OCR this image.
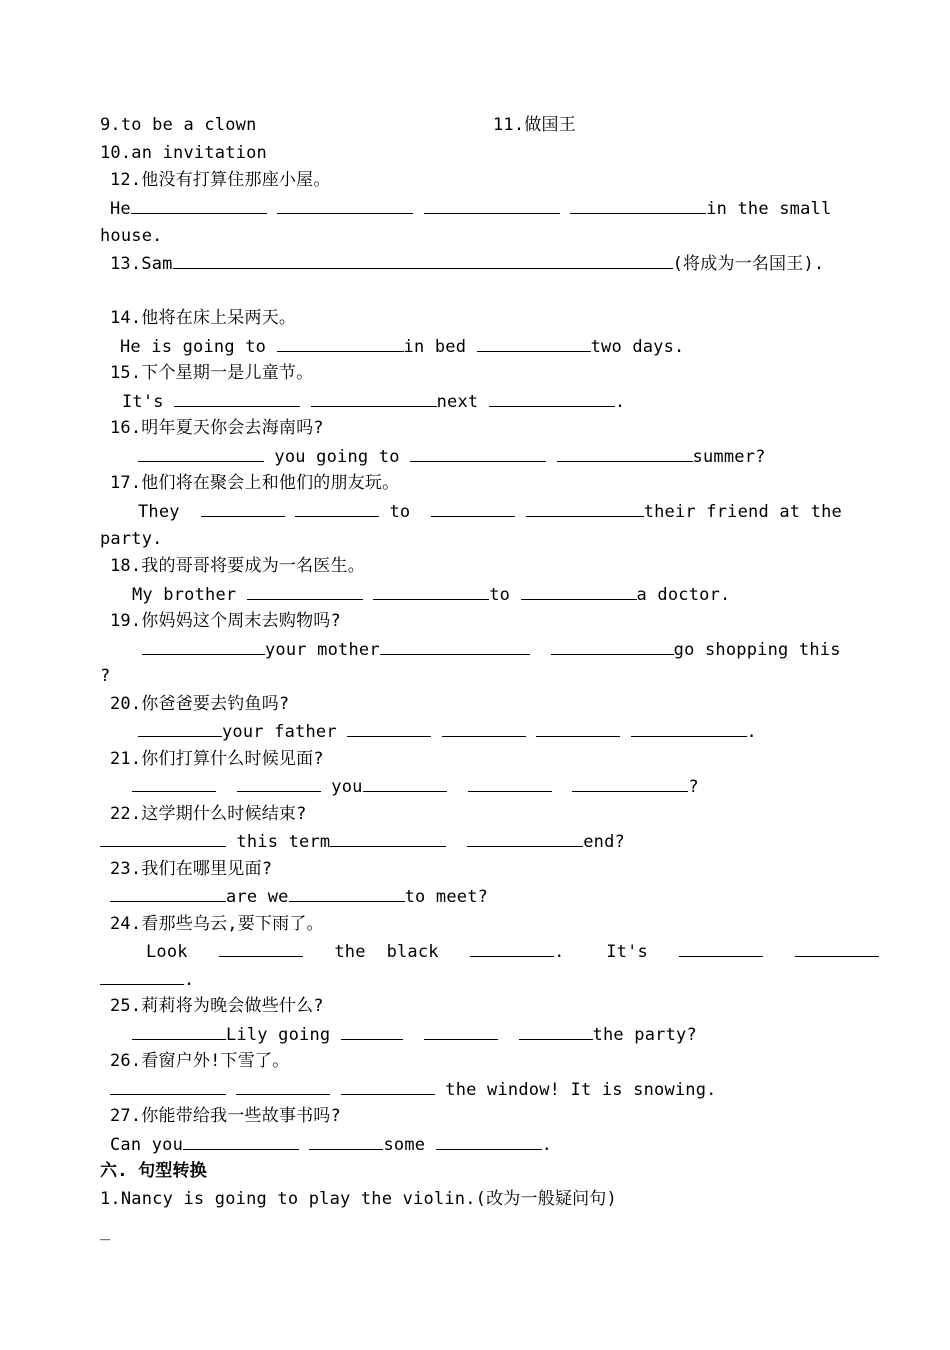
9.to be a clown	11.做国王
10.an invitation
12.他没有打算住那座小屋。
He	in the small
house.
13.Sam	(将成为一名国王).
14.他将在床上呆两天。
He is going to	in bed	two days.
15.下个星期一是儿童节。
It's	next	.
16.明年夏天你会去海南吗?
you going to	summer?
17.他们将在聚会上和他们的朋友玩。
They	to	their friend at the
party.
18.我的哥哥将要成为一名医生。
My brother	to	a doctor.
19.你妈妈这个周末去购物吗?
your mother	go shopping this
?
20.你爸爸要去钓鱼吗?
your father	.
21.你们打算什么时候见面?
you	?
22.这学期什么时候结束?
this term	end?
23.我们在哪里见面?
are we	to meet?
24.看那些乌云,要下雨了。
Look	the black	. It's
.
25.莉莉将为晚会做些什么?
Lily going	the party?
26.看窗户外!下雪了。
the window! It is snowing.
27.你能带给我一些故事书吗?
Can you	some	.
六. 句型转换
1.Nancy is going to play the violin.(改为一般疑问句)
_
